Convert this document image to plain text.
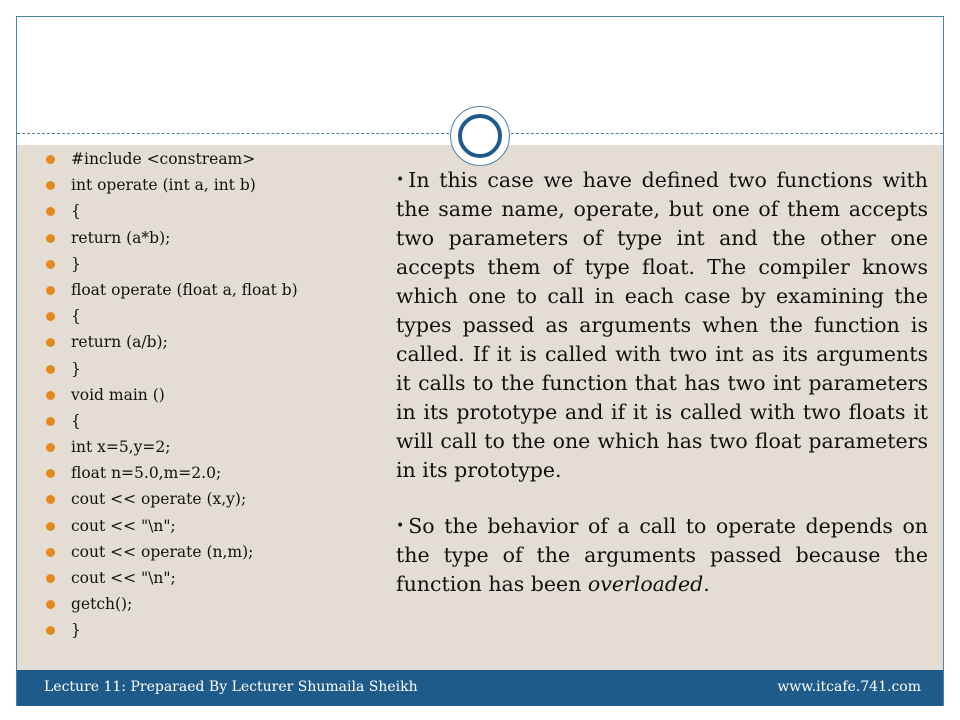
#include <constream>
int operate (int a, int b)
{
return (a*b);
}
float operate (float a, float b)
{
return (a/b);
}
void main ()
{
int x=5,y=2;
float n=5.0,m=2.0;
cout << operate (x,y);
cout << "\n";
cout << operate (n,m);
cout << "\n";
getch();
}

• In this case we have defined two functions with the same name, operate, but one of them accepts two parameters of type int and the other one accepts them of type float. The compiler knows which one to call in each case by examining the types passed as arguments when the function is called. If it is called with two int as its arguments it calls to the function that has two int parameters in its prototype and if it is called with two floats it will call to the one which has two float parameters in its prototype.

• So the behavior of a call to operate depends on the type of the arguments passed because the function has been overloaded.

Lecture 11: Preparaed By Lecturer Shumaila Sheikh	www.itcafe.741.com
